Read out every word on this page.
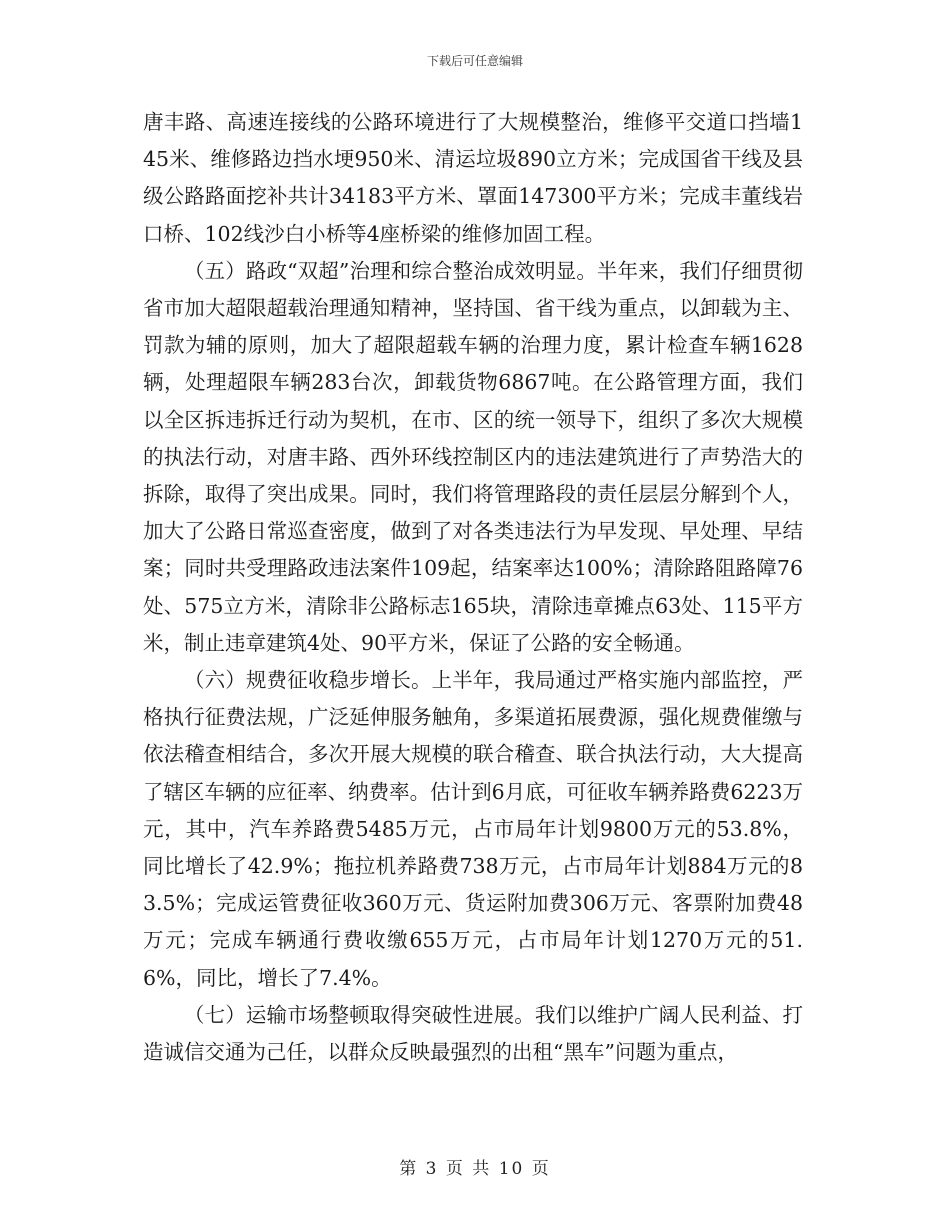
下载后可任意编辑

唐丰路、高速连接线的公路环境进行了大规模整治，维修平交道口挡墙145米、维修路边挡水埂950米、清运垃圾890立方米；完成国省干线及县级公路路面挖补共计34183平方米、罩面147300平方米；完成丰董线岩口桥、102线沙白小桥等4座桥梁的维修加固工程。

（五）路政“双超”治理和综合整治成效明显。半年来，我们仔细贯彻省市加大超限超载治理通知精神，坚持国、省干线为重点，以卸载为主、罚款为辅的原则，加大了超限超载车辆的治理力度，累计检查车辆1628辆，处理超限车辆283台次，卸载货物6867吨。在公路管理方面，我们以全区拆违拆迁行动为契机，在市、区的统一领导下，组织了多次大规模的执法行动，对唐丰路、西外环线控制区内的违法建筑进行了声势浩大的拆除，取得了突出成果。同时，我们将管理路段的责任层层分解到个人，加大了公路日常巡查密度，做到了对各类违法行为早发现、早处理、早结案；同时共受理路政违法案件109起，结案率达100%；清除路阻路障76处、575立方米，清除非公路标志165块，清除违章摊点63处、115平方米，制止违章建筑4处、90平方米，保证了公路的安全畅通。

（六）规费征收稳步增长。上半年，我局通过严格实施内部监控，严格执行征费法规，广泛延伸服务触角，多渠道拓展费源，强化规费催缴与依法稽查相结合，多次开展大规模的联合稽查、联合执法行动，大大提高了辖区车辆的应征率、纳费率。估计到6月底，可征收车辆养路费6223万元，其中，汽车养路费5485万元，占市局年计划9800万元的53.8%，同比增长了42.9%；拖拉机养路费738万元，占市局年计划884万元的83.5%；完成运管费征收360万元、货运附加费306万元、客票附加费48万元；完成车辆通行费收缴655万元，占市局年计划1270万元的51.6%，同比，增长了7.4%。

（七）运输市场整顿取得突破性进展。我们以维护广阔人民利益、打造诚信交通为己任，以群众反映最强烈的出租“黑车”问题为重点，

第 3 页 共 10 页
